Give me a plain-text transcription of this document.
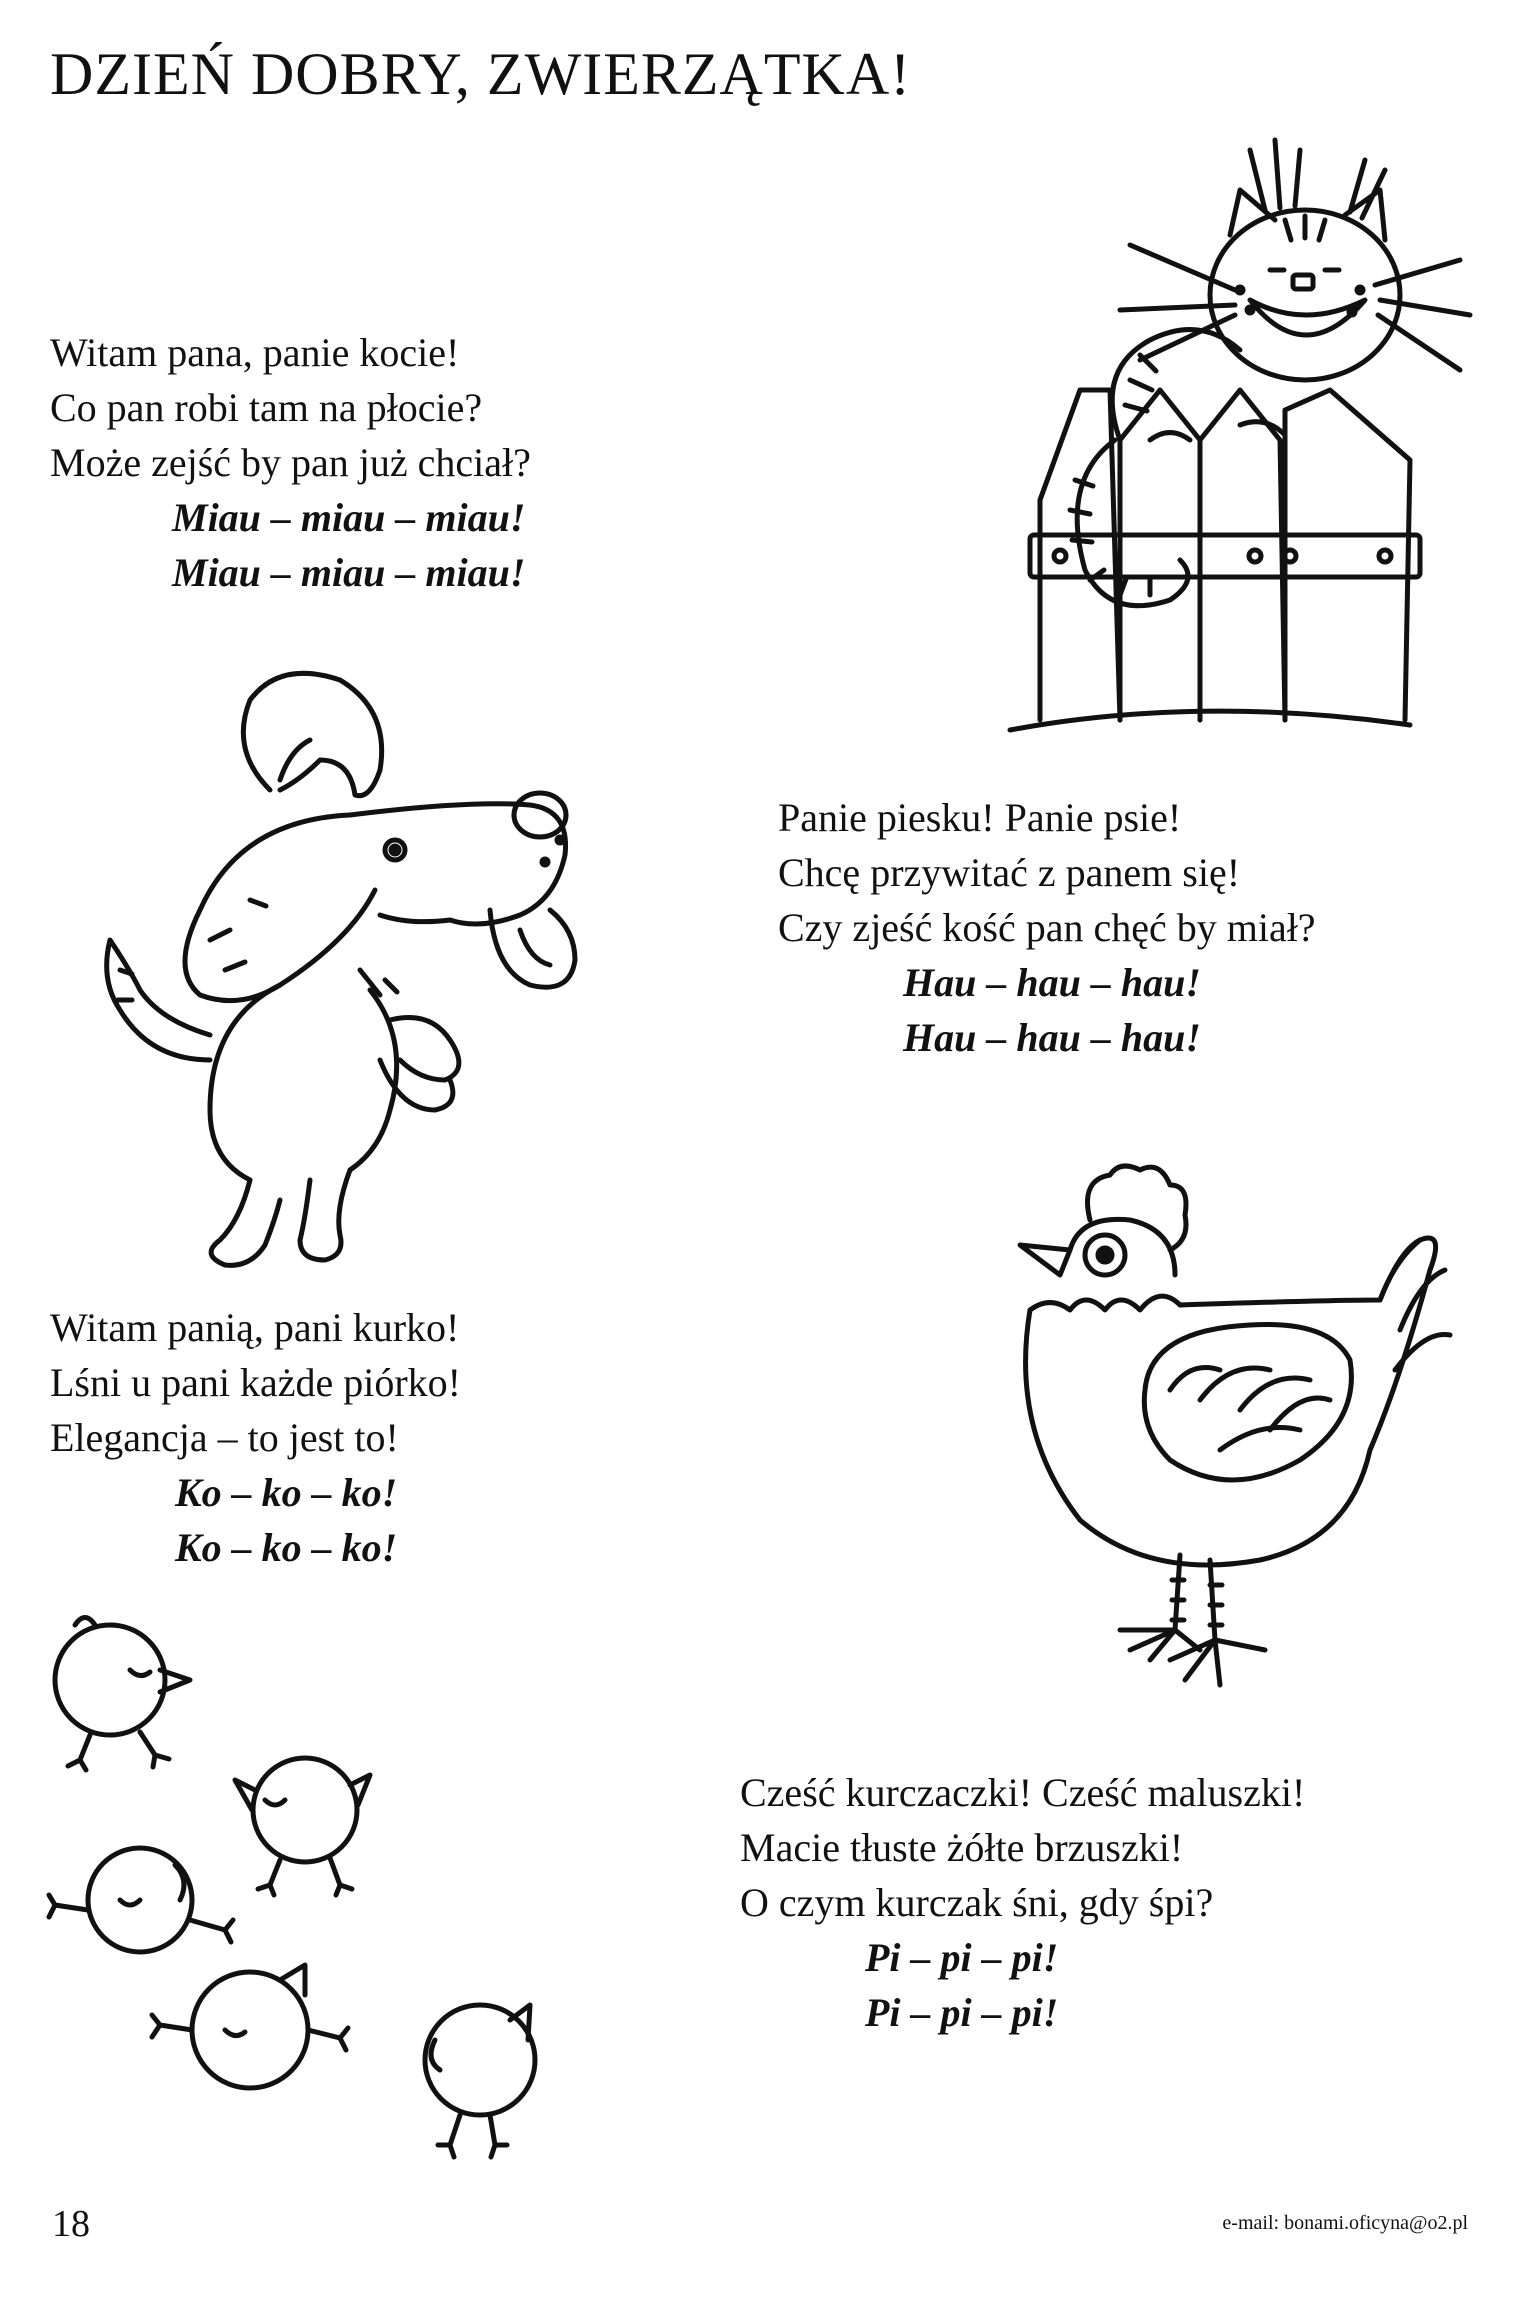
DZIEŃ DOBRY, ZWIERZĄTKA!
Witam pana, panie kocie!
Co pan robi tam na płocie?
Może zejść by pan już chciał?
Miau – miau – miau!
Miau – miau – miau!
Panie piesku! Panie psie!
Chcę przywitać z panem się!
Czy zjeść kość pan chęć by miał?
Hau – hau – hau!
Hau – hau – hau!
Witam panią, pani kurko!
Lśni u pani każde piórko!
Elegancja – to jest to!
Ko – ko – ko!
Ko – ko – ko!
Cześć kurczaczki! Cześć maluszki!
Macie tłuste żółte brzuszki!
O czym kurczak śni, gdy śpi?
Pi – pi – pi!
Pi – pi – pi!
18	e-mail: bonami.oficyna@o2.pl
